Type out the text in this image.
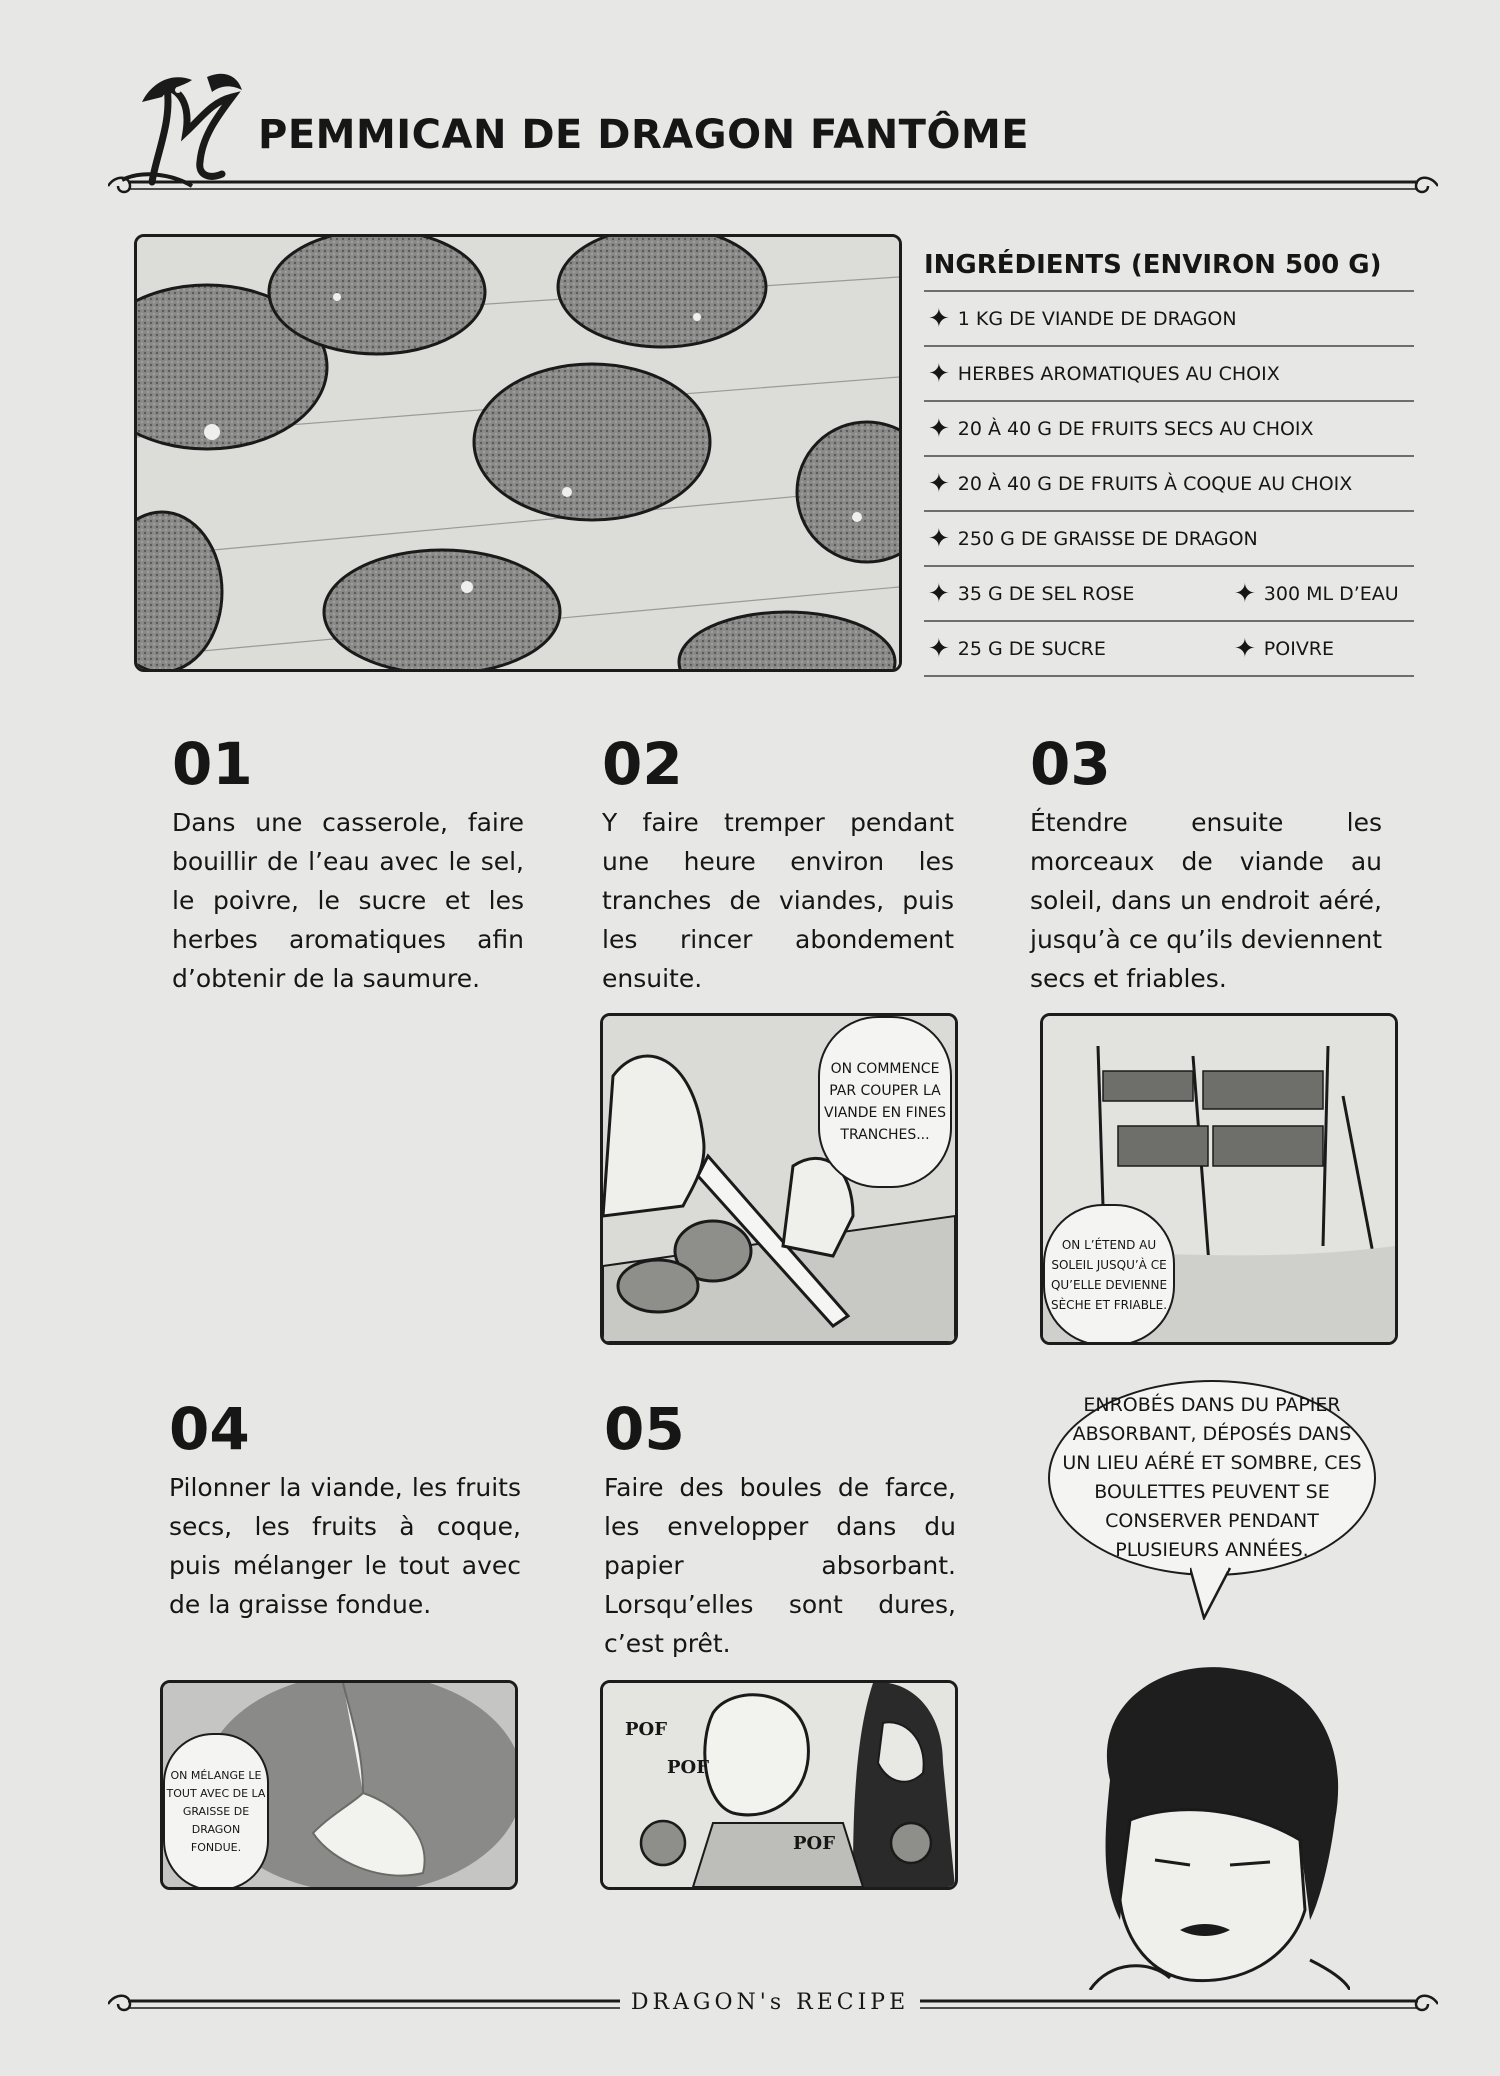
PEMMICAN DE DRAGON FANTÔME
INGRÉDIENTS (ENVIRON 500 G)
✦ 1 KG DE VIANDE DE DRAGON
✦ HERBES AROMATIQUES AU CHOIX
✦ 20 À 40 G DE FRUITS SECS AU CHOIX
✦ 20 À 40 G DE FRUITS À COQUE AU CHOIX
✦ 250 G DE GRAISSE DE DRAGON
✦ 35 G DE SEL ROSE	✦ 300 ML D’EAU
✦ 25 G DE SUCRE	✦ POIVRE
01
Dans une casserole, faire bouillir de l’eau avec le sel, le poivre, le sucre et les herbes aromatiques afin d’obtenir de la saumure.
02
Y faire tremper pendant une heure environ les tranches de viandes, puis les rincer abondement ensuite.
03
Étendre ensuite les morceaux de viande au soleil, dans un endroit aéré, jusqu’à ce qu’ils deviennent secs et friables.
ON COMMENCE PAR COUPER LA VIANDE EN FINES TRANCHES...
ON L’ÉTEND AU SOLEIL JUSQU’À CE QU’ELLE DEVIENNE SÈCHE ET FRIABLE.
04
Pilonner la viande, les fruits secs, les fruits à coque, puis mélanger le tout avec de la graisse fondue.
05
Faire des boules de farce, les envelopper dans du papier absorbant. Lorsqu’elles sont dures, c’est prêt.
ENROBÉS DANS DU PAPIER ABSORBANT, DÉPOSÉS DANS UN LIEU AÉRÉ ET SOMBRE, CES BOULETTES PEUVENT SE CONSERVER PENDANT PLUSIEURS ANNÉES.
ON MÉLANGE LE TOUT AVEC DE LA GRAISSE DE DRAGON FONDUE.
POF
POF
POF
DRAGON's RECIPE
